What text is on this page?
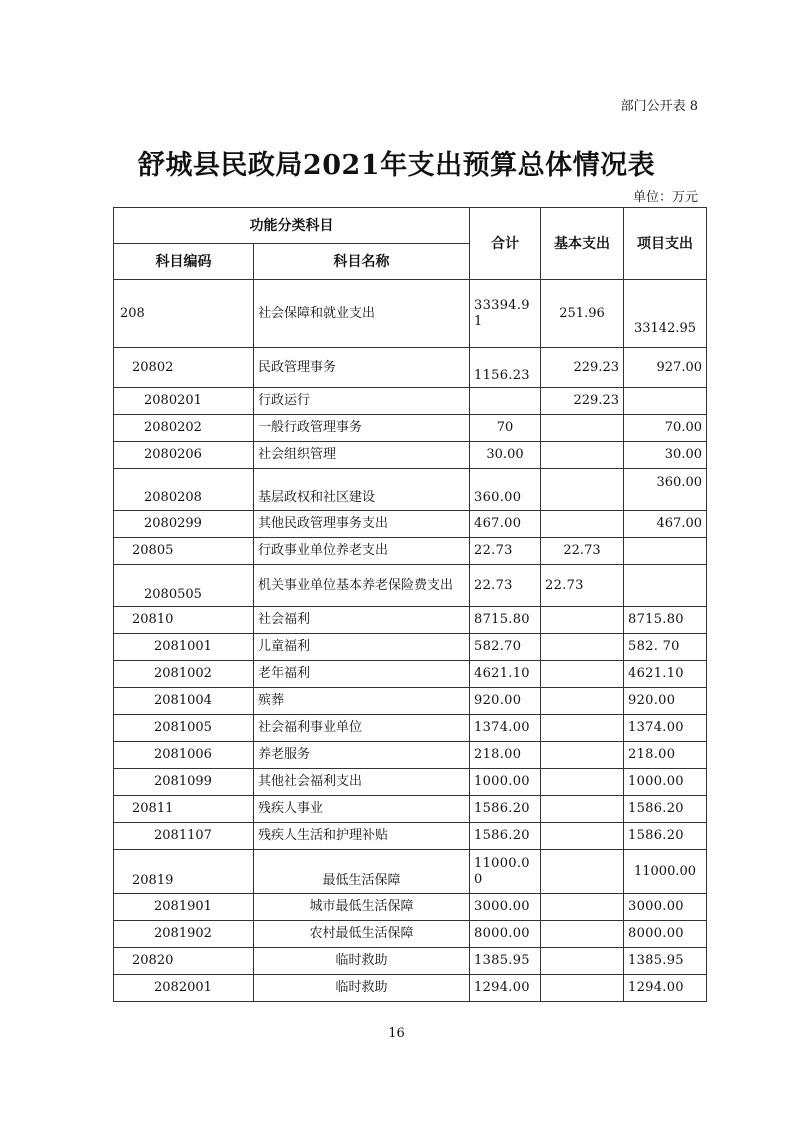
部门公开表 8
舒城县民政局2021年支出预算总体情况表
单位：万元
功能分类科目		合计	基本支出	项目支出
科目编码	科目名称			
208	社会保障和就业支出	33394.91	251.96	33142.95
20802	民政管理事务	1156.23	229.23	927.00
2080201	行政运行		229.23	
2080202	一般行政管理事务	70		70.00
2080206	社会组织管理	30.00		30.00
2080208	基层政权和社区建设	360.00		360.00
2080299	其他民政管理事务支出	467.00		467.00
20805	行政事业单位养老支出	22.73	22.73	
2080505	机关事业单位基本养老保险费支出	22.73	22.73	
20810	社会福利	8715.80		8715.80
2081001	儿童福利	582.70		582. 70
2081002	老年福利	4621.10		4621.10
2081004	殡葬	920.00		920.00
2081005	社会福利事业单位	1374.00		1374.00
2081006	养老服务	218.00		218.00
2081099	其他社会福利支出	1000.00		1000.00
20811	残疾人事业	1586.20		1586.20
2081107	残疾人生活和护理补贴	1586.20		1586.20
20819	最低生活保障	11000.00		11000.00
2081901	城市最低生活保障	3000.00		3000.00
2081902	农村最低生活保障	8000.00		8000.00
20820	临时救助	1385.95		1385.95
2082001	临时救助	1294.00		1294.00
16
